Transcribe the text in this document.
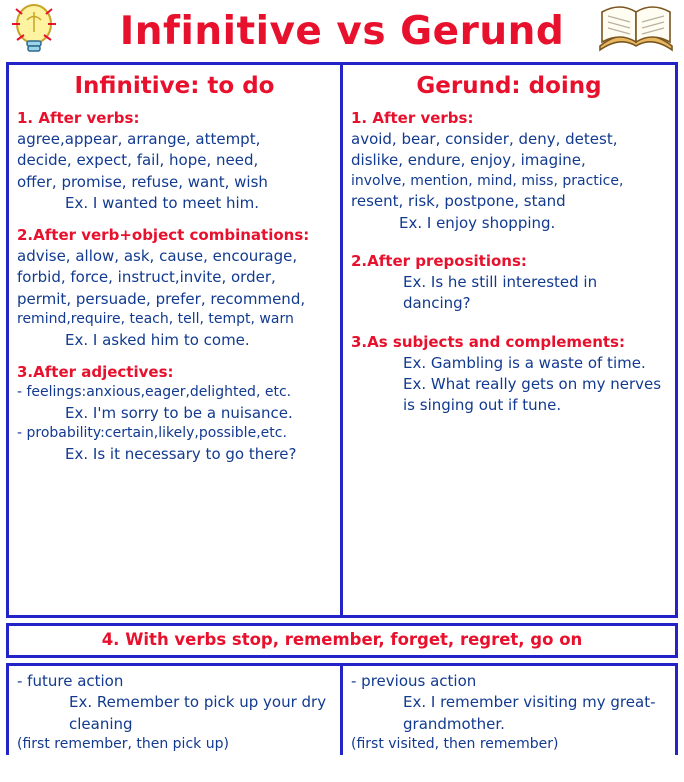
Infinitive vs Gerund
Infinitive: to do
1. After verbs:
agree,appear, arrange, attempt,
decide, expect, fail, hope, need,
offer, promise, refuse, want, wish
Ex. I wanted to meet him.
2.After verb+object combinations:
advise, allow, ask, cause, encourage,
forbid, force, instruct,invite, order,
permit, persuade, prefer, recommend,
remind,require, teach, tell, tempt, warn
Ex. I asked him to come.
3.After adjectives:
- feelings:anxious,eager,delighted, etc.
Ex. I'm sorry to be a nuisance.
- probability:certain,likely,possible,etc.
Ex. Is it necessary to go there?
Gerund: doing
1. After verbs:
avoid, bear, consider, deny, detest,
dislike, endure, enjoy, imagine,
involve, mention, mind, miss, practice,
resent, risk, postpone, stand
Ex. I enjoy shopping.
2.After prepositions:
Ex. Is he still interested in dancing?
3.As subjects and complements:
Ex. Gambling is a waste of time.
Ex. What really gets on my nerves is singing out if tune.
4. With verbs stop, remember, forget, regret, go on
- future action
Ex. Remember to pick up your dry cleaning
(first remember, then pick up)
- previous action
Ex. I remember visiting my great-grandmother.
(first visited, then remember)
